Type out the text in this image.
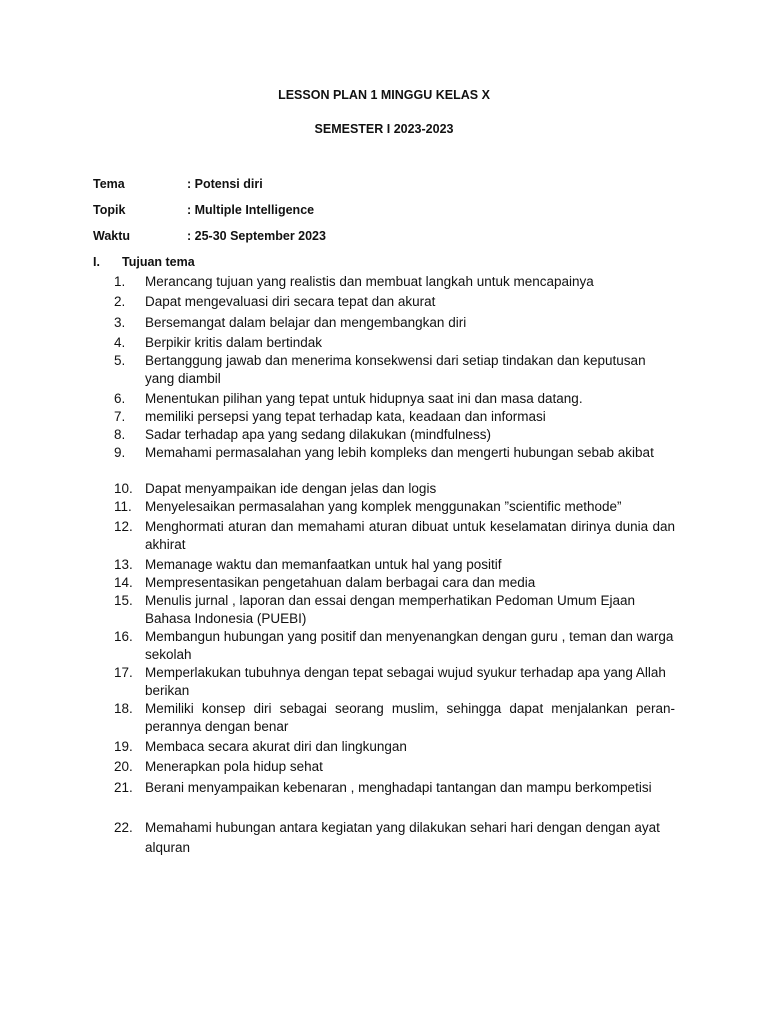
LESSON PLAN 1 MINGGU KELAS X
SEMESTER I 2023-2023
Tema	: Potensi diri
Topik	: Multiple Intelligence
Waktu	: 25-30 September 2023
I. Tujuan tema
1.	Merancang tujuan yang realistis dan membuat langkah untuk mencapainya
2.	Dapat mengevaluasi diri secara tepat dan akurat
3.	Bersemangat dalam belajar dan mengembangkan diri
4.	Berpikir kritis dalam bertindak
5.	Bertanggung jawab dan menerima konsekwensi dari setiap tindakan dan keputusan yang diambil
6.	Menentukan pilihan yang tepat untuk hidupnya saat ini dan masa datang.
7.	memiliki persepsi yang tepat terhadap kata, keadaan dan informasi
8.	Sadar terhadap apa yang sedang dilakukan (mindfulness)
9.	Memahami permasalahan yang lebih kompleks dan mengerti hubungan sebab akibat
10. Dapat menyampaikan ide dengan jelas dan logis
11. Menyelesaikan permasalahan yang komplek menggunakan ”scientific methode”
12. Menghormati aturan dan memahami aturan dibuat untuk keselamatan dirinya dunia dan akhirat
13. Memanage waktu dan memanfaatkan untuk hal yang positif
14. Mempresentasikan pengetahuan dalam berbagai cara dan media
15. Menulis jurnal , laporan dan essai dengan memperhatikan Pedoman Umum Ejaan Bahasa Indonesia (PUEBI)
16. Membangun hubungan yang positif dan menyenangkan dengan guru , teman dan warga sekolah
17. Memperlakukan tubuhnya dengan tepat sebagai wujud syukur terhadap apa yang Allah berikan
18. Memiliki konsep diri sebagai seorang muslim, sehingga dapat menjalankan peran-perannya dengan benar
19. Membaca secara akurat diri dan lingkungan
20. Menerapkan pola hidup sehat
21. Berani menyampaikan kebenaran , menghadapi tantangan dan mampu berkompetisi
22. Memahami hubungan antara kegiatan yang dilakukan sehari hari dengan dengan ayat alquran
